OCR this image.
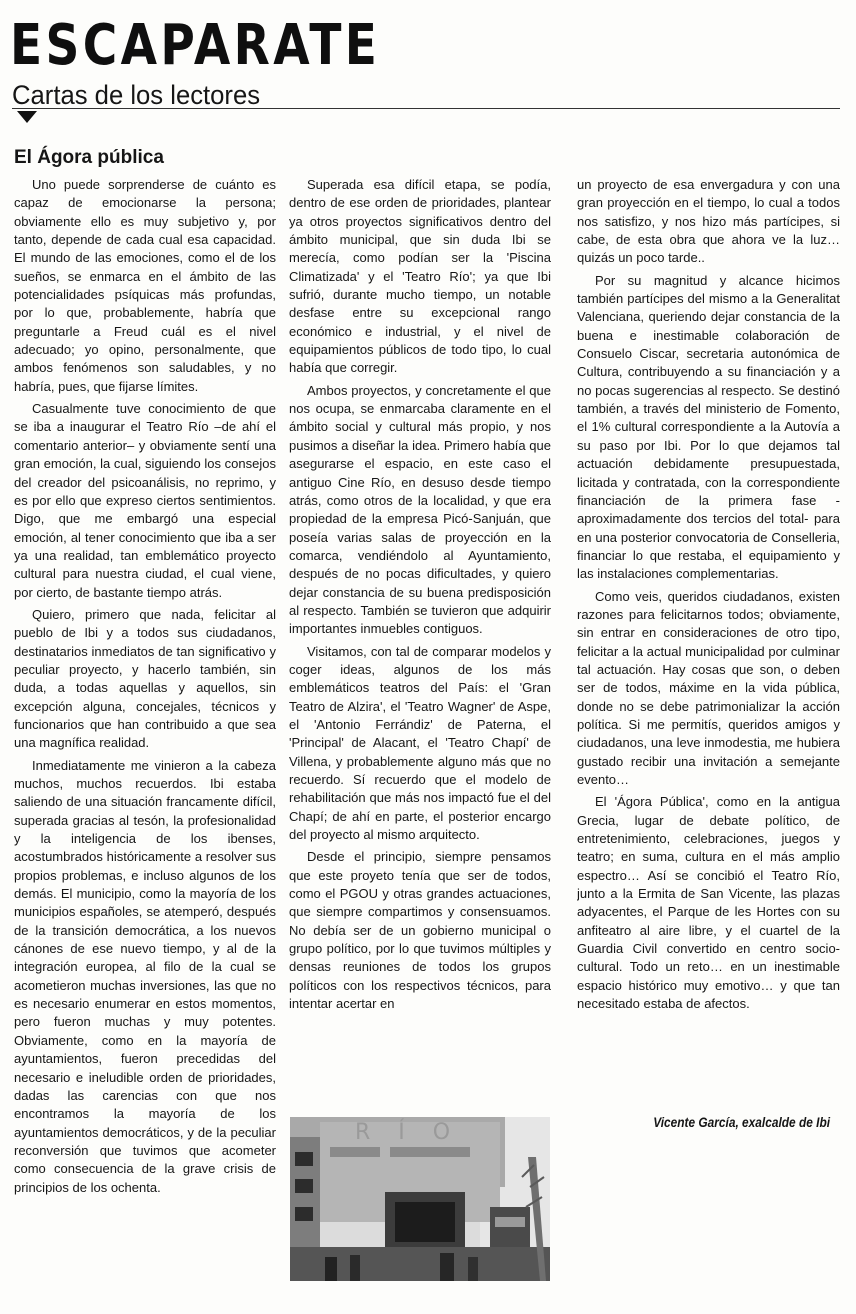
ESCAPARATE
Cartas de los lectores
El Ágora pública

Uno puede sorprenderse de cuánto es capaz de emocionarse la persona; obviamente ello es muy subjetivo y, por tanto, depende de cada cual esa capacidad. El mundo de las emociones, como el de los sueños, se enmarca en el ámbito de las potencialidades psíquicas más profundas, por lo que, probablemente, habría que preguntarle a Freud cuál es el nivel adecuado; yo opino, personalmente, que ambos fenómenos son saludables, y no habría, pues, que fijarse límites.

Casualmente tuve conocimiento de que se iba a inaugurar el Teatro Río –de ahí el comentario anterior– y obviamente sentí una gran emoción, la cual, siguiendo los consejos del creador del psicoanálisis, no reprimo, y es por ello que expreso ciertos sentimientos. Digo, que me embargó una especial emoción, al tener conocimiento que iba a ser ya una realidad, tan emblemático proyecto cultural para nuestra ciudad, el cual viene, por cierto, de bastante tiempo atrás.

Quiero, primero que nada, felicitar al pueblo de Ibi y a todos sus ciudadanos, destinatarios inmediatos de tan significativo y peculiar proyecto, y hacerlo también, sin duda, a todas aquellas y aquellos, sin excepción alguna, concejales, técnicos y funcionarios que han contribuido a que sea una magnífica realidad.

Inmediatamente me vinieron a la cabeza muchos, muchos recuerdos. Ibi estaba saliendo de una situación francamente difícil, superada gracias al tesón, la profesionalidad y la inteligencia de los ibenses, acostumbrados históricamente a resolver sus propios problemas, e incluso algunos de los demás. El municipio, como la mayoría de los municipios españoles, se atemperó, después de la transición democrática, a los nuevos cánones de ese nuevo tiempo, y al de la integración europea, al filo de la cual se acometieron muchas inversiones, las que no es necesario enumerar en estos momentos, pero fueron muchas y muy potentes. Obviamente, como en la mayoría de ayuntamientos, fueron precedidas del necesario e ineludible orden de prioridades, dadas las carencias con que nos encontramos la mayoría de los ayuntamientos democráticos, y de la peculiar reconversión que tuvimos que acometer como consecuencia de la grave crisis de principios de los ochenta.

Superada esa difícil etapa, se podía, dentro de ese orden de prioridades, plantear ya otros proyectos significativos dentro del ámbito municipal, que sin duda Ibi se merecía, como podían ser la 'Piscina Climatizada' y el 'Teatro Río'; ya que Ibi sufrió, durante mucho tiempo, un notable desfase entre su excepcional rango económico e industrial, y el nivel de equipamientos públicos de todo tipo, lo cual había que corregir.

Ambos proyectos, y concretamente el que nos ocupa, se enmarcaba claramente en el ámbito social y cultural más propio, y nos pusimos a diseñar la idea. Primero había que asegurarse el espacio, en este caso el antiguo Cine Río, en desuso desde tiempo atrás, como otros de la localidad, y que era propiedad de la empresa Picó-Sanjuán, que poseía varias salas de proyección en la comarca, vendiéndolo al Ayuntamiento, después de no pocas dificultades, y quiero dejar constancia de su buena predisposición al respecto. También se tuvieron que adquirir importantes inmuebles contiguos.

Visitamos, con tal de comparar modelos y coger ideas, algunos de los más emblemáticos teatros del País: el 'Gran Teatro de Alzira', el 'Teatro Wagner' de Aspe, el 'Antonio Ferrándiz' de Paterna, el 'Principal' de Alacant, el 'Teatro Chapí' de Villena, y probablemente alguno más que no recuerdo. Sí recuerdo que el modelo de rehabilitación que más nos impactó fue el del Chapí; de ahí en parte, el posterior encargo del proyecto al mismo arquitecto.

Desde el principio, siempre pensamos que este proyeto tenía que ser de todos, como el PGOU y otras grandes actuaciones, que siempre compartimos y consensuamos. No debía ser de un gobierno municipal o grupo político, por lo que tuvimos múltiples y densas reuniones de todos los grupos políticos con los respectivos técnicos, para intentar acertar en

un proyecto de esa envergadura y con una gran proyección en el tiempo, lo cual a todos nos satisfizo, y nos hizo más partícipes, si cabe, de esta obra que ahora ve la luz… quizás un poco tarde..

Por su magnitud y alcance hicimos también partícipes del mismo a la Generalitat Valenciana, queriendo dejar constancia de la buena e inestimable colaboración de Consuelo Ciscar, secretaria autonómica de Cultura, contribuyendo a su financiación y a no pocas sugerencias al respecto. Se destinó también, a través del ministerio de Fomento, el 1% cultural correspondiente a la Autovía a su paso por Ibi. Por lo que dejamos tal actuación debidamente presupuestada, licitada y contratada, con la correspondiente financiación de la primera fase -aproximadamente dos tercios del total- para en una posterior convocatoria de Conselleria, financiar lo que restaba, el equipamiento y las instalaciones complementarias.

Como veis, queridos ciudadanos, existen razones para felicitarnos todos; obviamente, sin entrar en consideraciones de otro tipo, felicitar a la actual municipalidad por culminar tal actuación. Hay cosas que son, o deben ser de todos, máxime en la vida pública, donde no se debe patrimonializar la acción política. Si me permitís, queridos amigos y ciudadanos, una leve inmodestia, me hubiera gustado recibir una invitación a semejante evento…

El 'Ágora Pública', como en la antigua Grecia, lugar de debate político, de entretenimiento, celebraciones, juegos y teatro; en suma, cultura en el más amplio espectro… Así se concibió el Teatro Río, junto a la Ermita de San Vicente, las plazas adyacentes, el Parque de les Hortes con su anfiteatro al aire libre, y el cuartel de la Guardia Civil convertido en centro socio-cultural. Todo un reto… en un inestimable espacio histórico muy emotivo… y que tan necesitado estaba de afectos.

Vicente García, exalcalde de Ibi
RÍO
